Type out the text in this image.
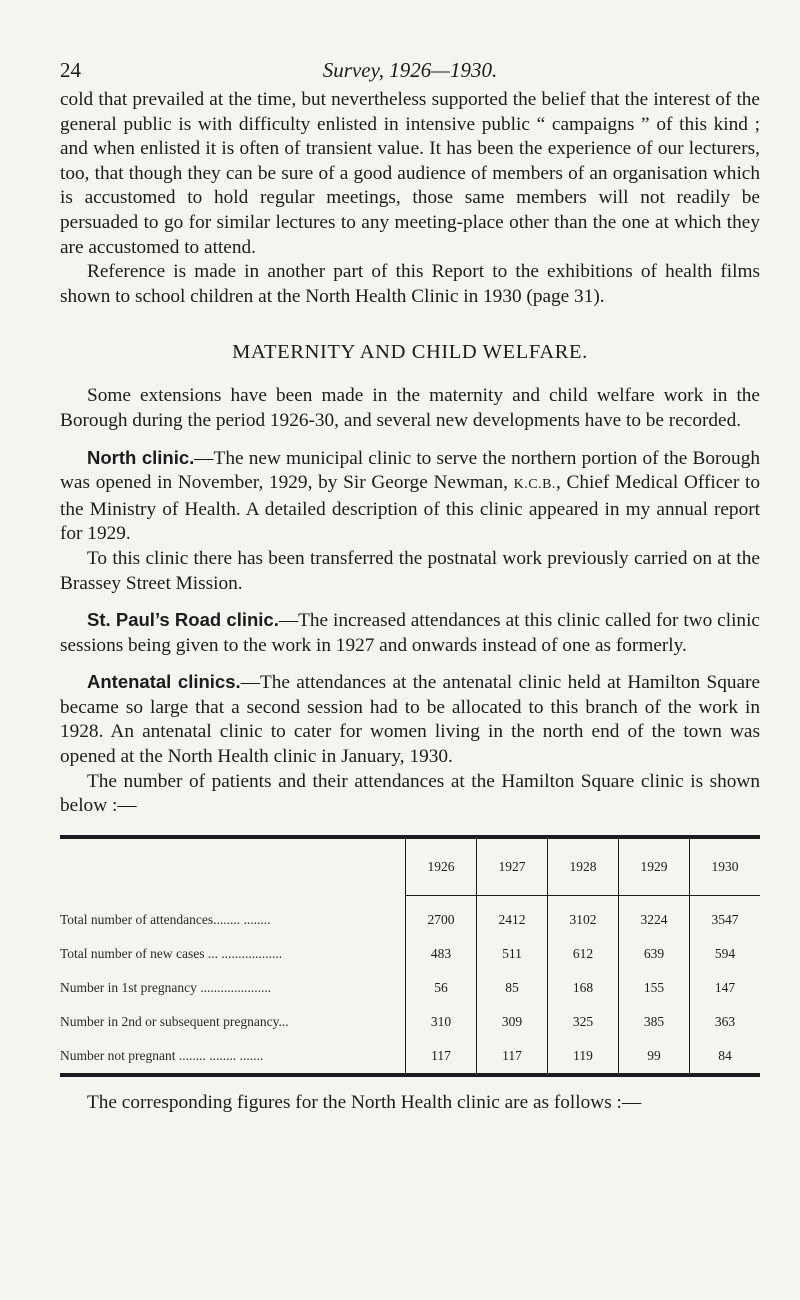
24	Survey, 1926—1930.

cold that prevailed at the time, but nevertheless supported the belief that the interest of the general public is with difficulty enlisted in intensive public “ campaigns ” of this kind ; and when enlisted it is often of transient value. It has been the experience of our lecturers, too, that though they can be sure of a good audience of members of an organisation which is accustomed to hold regular meetings, those same members will not readily be persuaded to go for similar lectures to any meeting-place other than the one at which they are accustomed to attend.

Reference is made in another part of this Report to the exhibitions of health films shown to school children at the North Health Clinic in 1930 (page 31).

MATERNITY AND CHILD WELFARE.

Some extensions have been made in the maternity and child welfare work in the Borough during the period 1926-30, and several new developments have to be recorded.

North clinic.—The new municipal clinic to serve the northern portion of the Borough was opened in November, 1929, by Sir George Newman, K.C.B., Chief Medical Officer to the Ministry of Health. A detailed description of this clinic appeared in my annual report for 1929.

To this clinic there has been transferred the postnatal work previously carried on at the Brassey Street Mission.

St. Paul’s Road clinic.—The increased attendances at this clinic called for two clinic sessions being given to the work in 1927 and onwards instead of one as formerly.

Antenatal clinics.—The attendances at the antenatal clinic held at Hamilton Square became so large that a second session had to be allocated to this branch of the work in 1928. An antenatal clinic to cater for women living in the north end of the town was opened at the North Health clinic in January, 1930.

The number of patients and their attendances at the Hamilton Square clinic is shown below :—

	1926	1927	1928	1929	1930
Total number of attendances........ ........	2700	2412	3102	3224	3547
Total number of new cases ... ..................	483	511	612	639	594
Number in 1st pregnancy .....................	56	85	168	155	147
Number in 2nd or subsequent pregnancy...	310	309	325	385	363
Number not pregnant ........ ........ .......	117	117	119	99	84

The corresponding figures for the North Health clinic are as follows :—
